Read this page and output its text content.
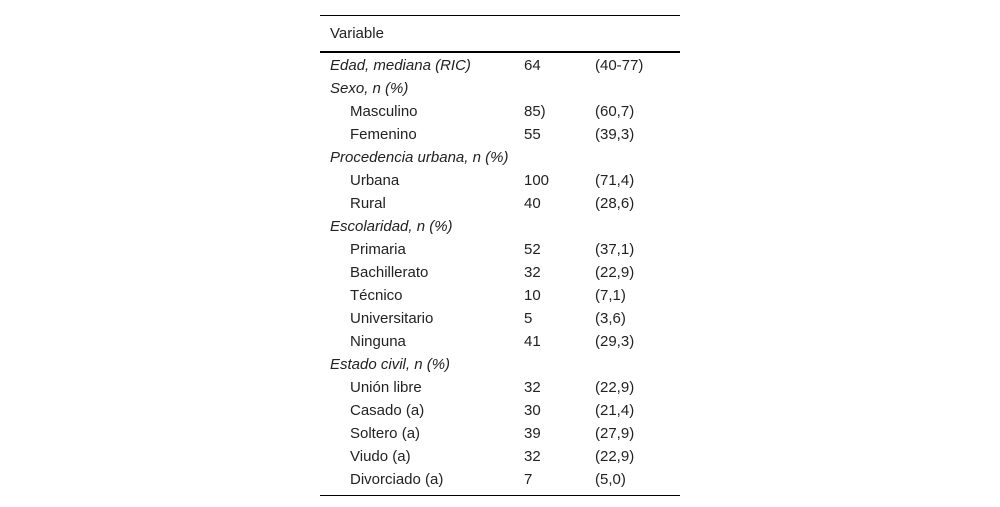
Variable		
Edad, mediana (RIC)	64	(40-77)
Sexo, n (%)		
Masculino	85)	(60,7)
Femenino	55	(39,3)
Procedencia urbana, n (%)		
Urbana	100	(71,4)
Rural	40	(28,6)
Escolaridad, n (%)		
Primaria	52	(37,1)
Bachillerato	32	(22,9)
Técnico	10	(7,1)
Universitario	5	(3,6)
Ninguna	41	(29,3)
Estado civil, n (%)		
Unión libre	32	(22,9)
Casado (a)	30	(21,4)
Soltero (a)	39	(27,9)
Viudo (a)	32	(22,9)
Divorciado (a)	7	(5,0)
